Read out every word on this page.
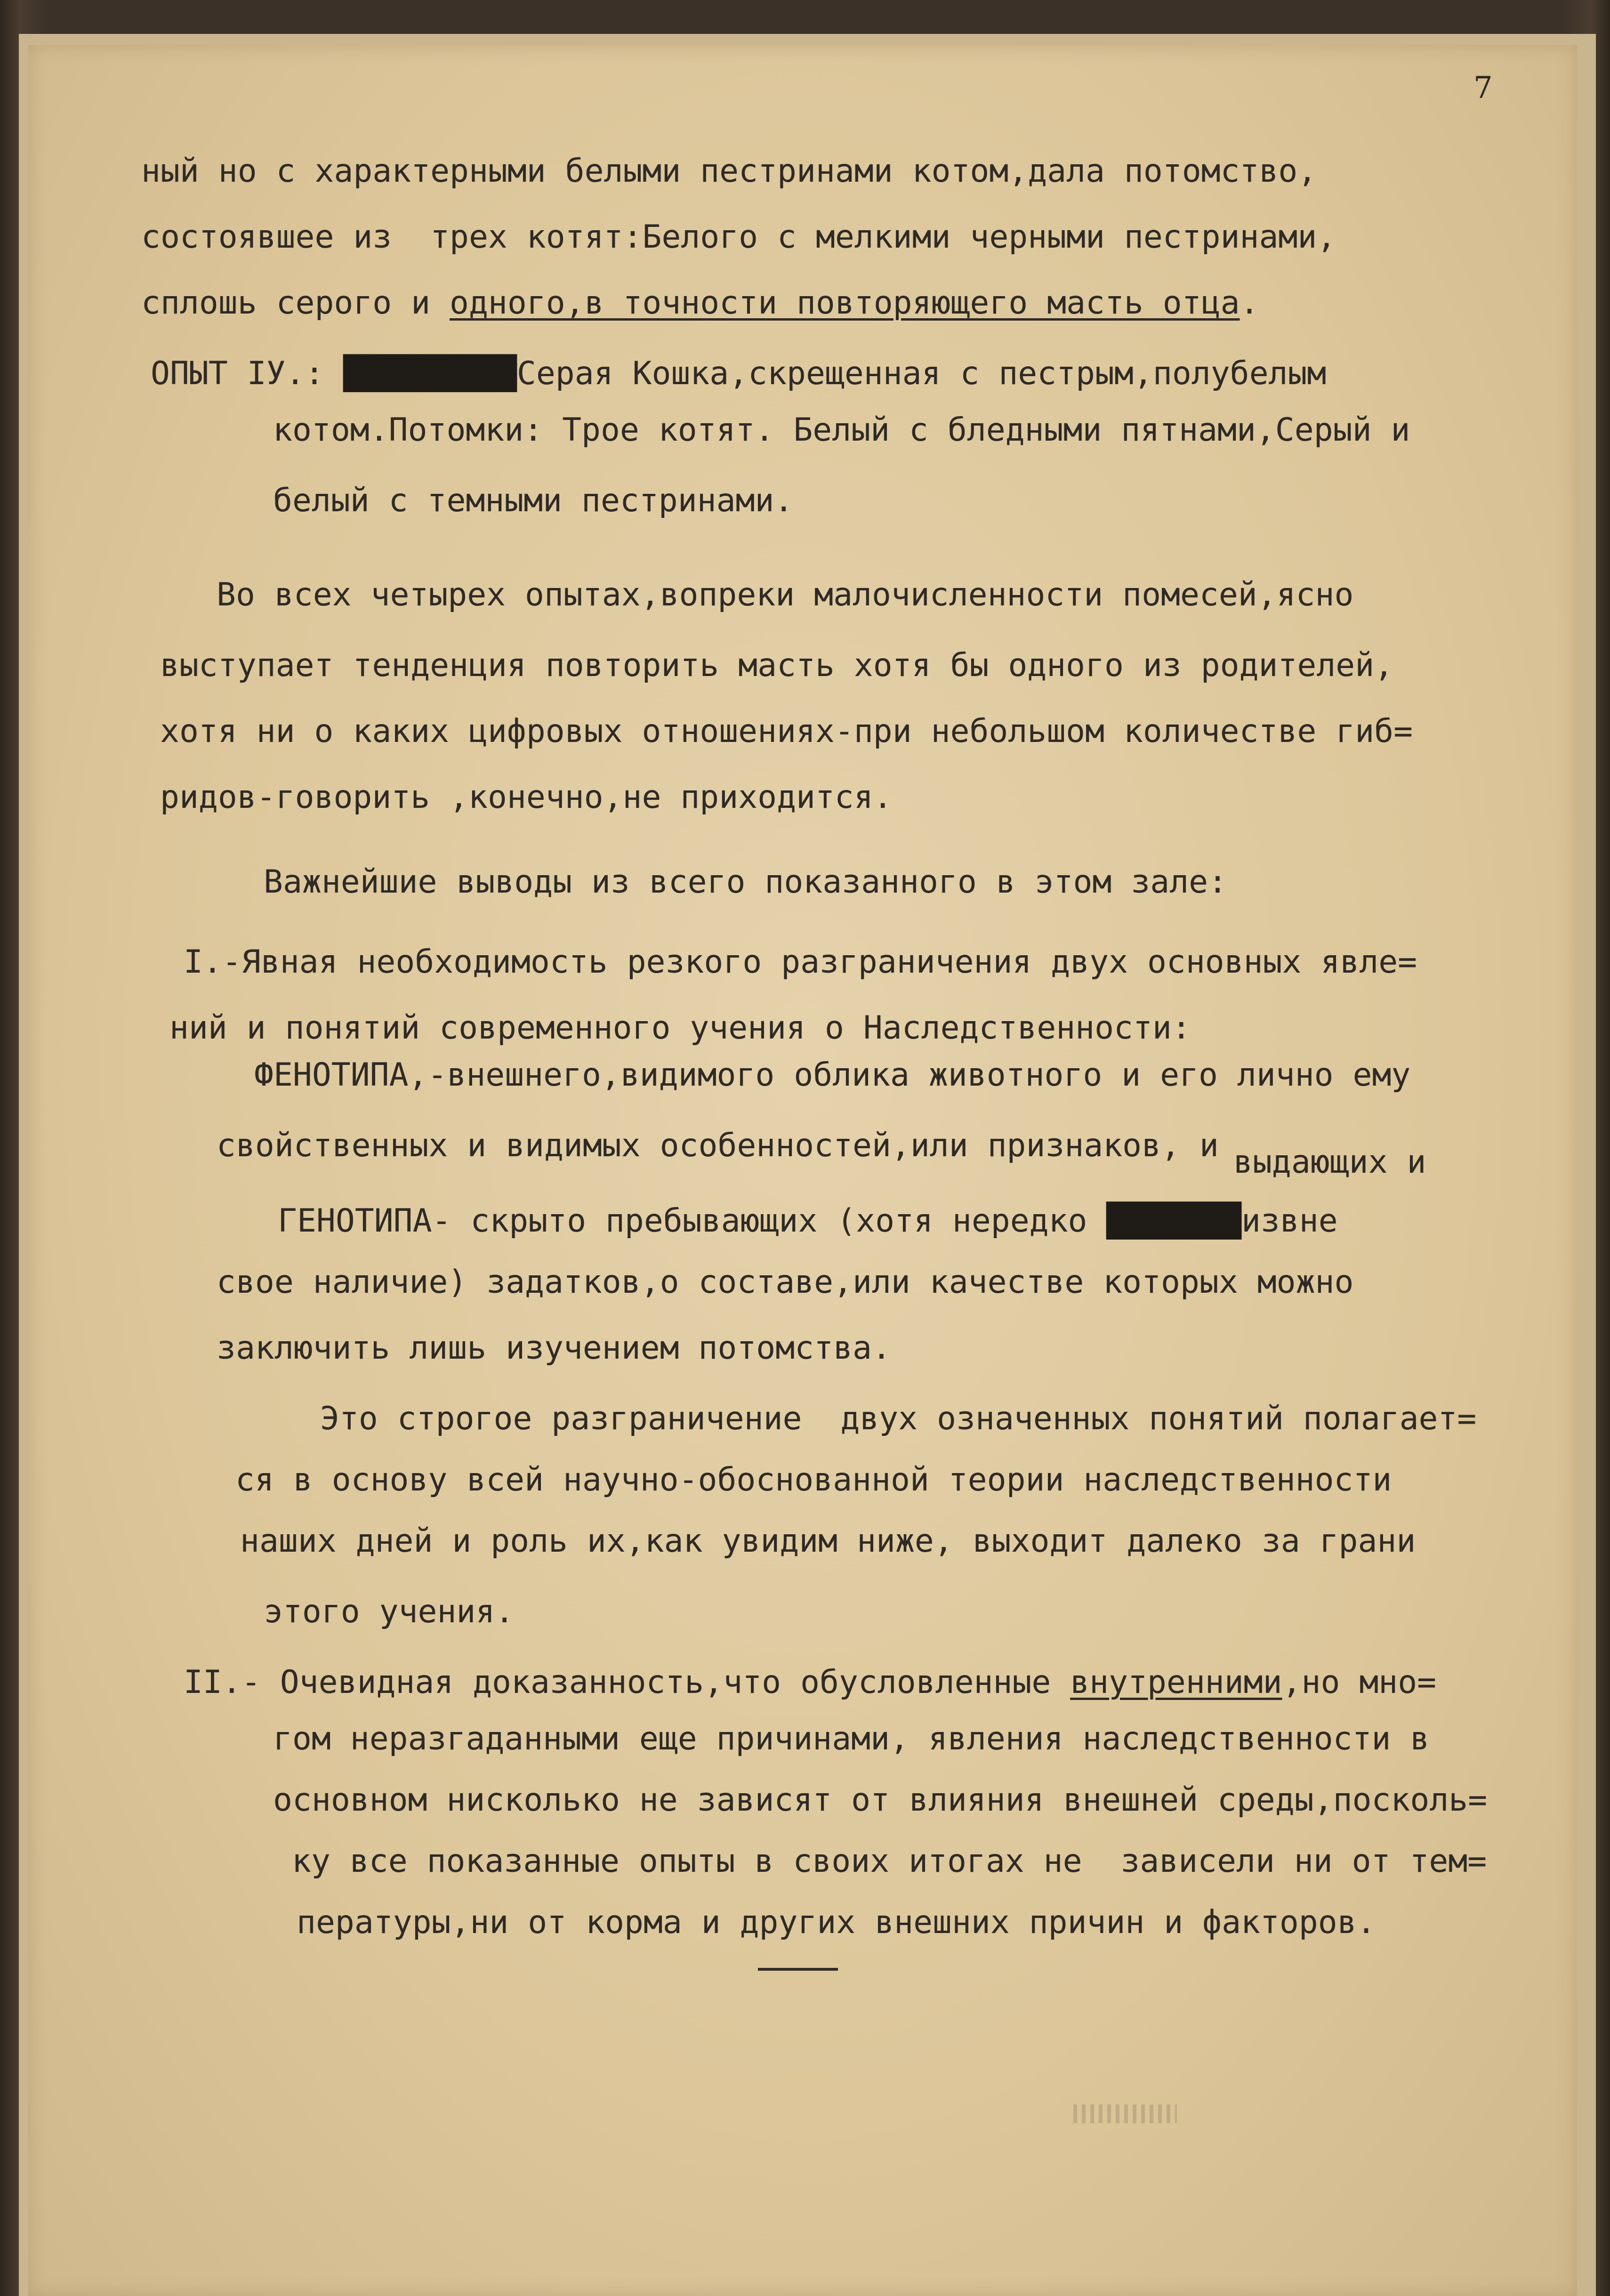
7
ный но с характерными белыми пестринами котом,дала потомство,
состоявшее из  трех котят:Белого с мелкими черными пестринами,
сплошь серого и одного,в точности повторяющего масть отца.
ОПЫТ IУ.: █████████Серая Кошка,скрещенная с пестрым,полубелым
котом.Потомки: Трое котят. Белый с бледными пятнами,Серый и
белый с темными пестринами.
Во всех четырех опытах,вопреки малочисленности помесей,ясно
выступает тенденция повторить масть хотя бы одного из родителей,
хотя ни о каких цифровых отношениях-при небольшом количестве гиб=
ридов-говорить ,конечно,не приходится.
Важнейшие выводы из всего показанного в этом зале:
I.-Явная необходимость резкого разграничения двух основных явле=
ний и понятий современного учения о Наследственности:
ФЕНОТИПА,-внешнего,видимого облика животного и его лично ему
свойственных и видимых особенностей,или признаков, и выдающих и
ГЕНОТИПА- скрыто пребывающих (хотя нередко ███████извне
свое наличие) задатков,о составе,или качестве которых можно
заключить лишь изучением потомства.
Это строгое разграничение  двух означенных понятий полагает=
ся в основу всей научно-обоснованной теории наследственности
наших дней и роль их,как увидим ниже, выходит далеко за грани
этого учения.
II.- Очевидная доказанность,что обусловленные внутренними,но мно=
гом неразгаданными еще причинами, явления наследственности в
основном нисколько не зависят от влияния внешней среды,посколь=
ку все показанные опыты в своих итогах не  зависели ни от тем=
пературы,ни от корма и других внешних причин и факторов.
